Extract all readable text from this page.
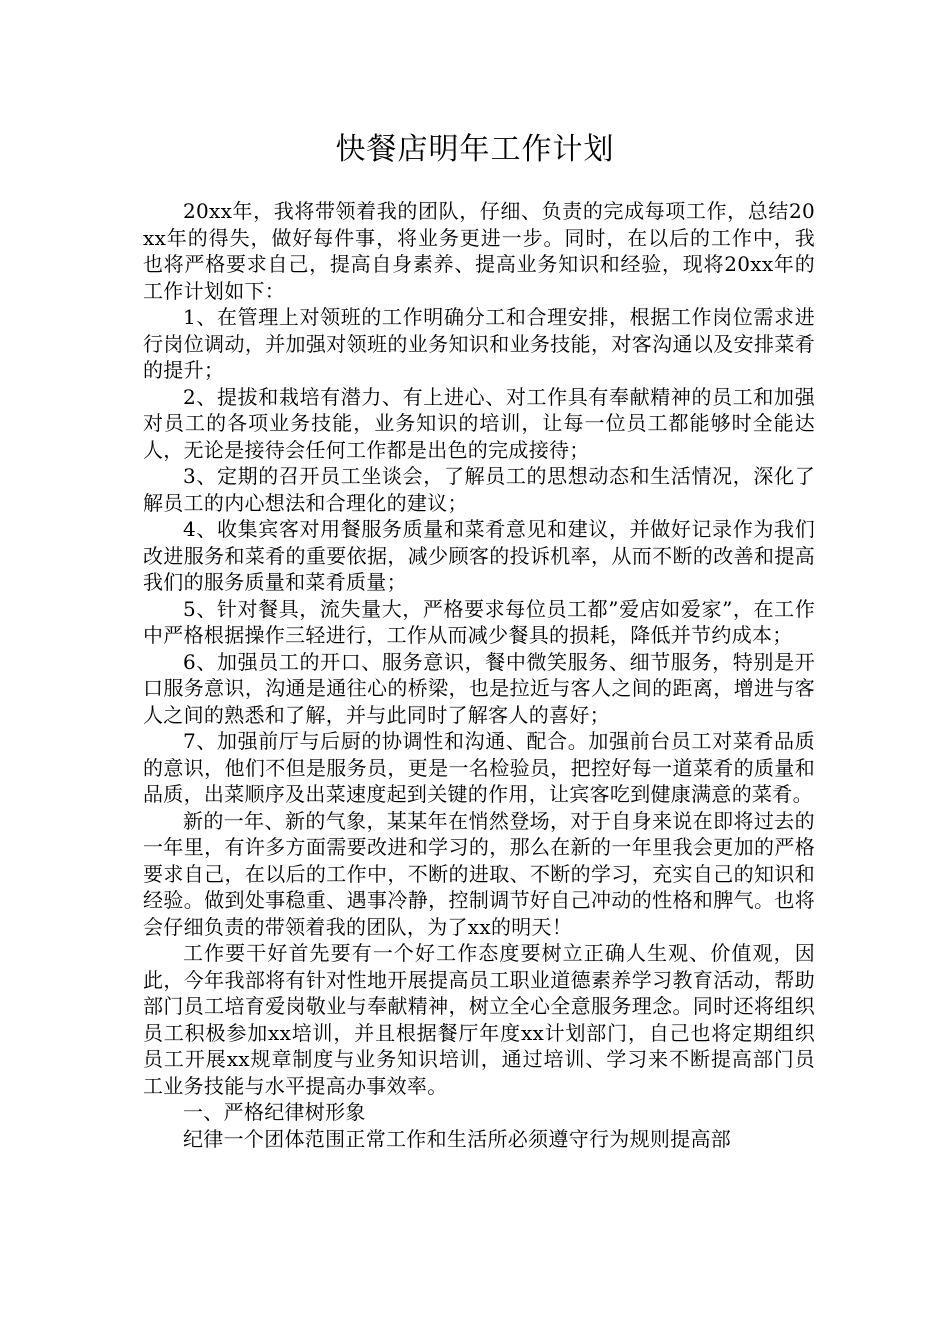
快餐店明年工作计划

20xx年，我将带领着我的团队，仔细、负责的完成每项工作，总结20xx年的得失，做好每件事，将业务更进一步。同时，在以后的工作中，我也将严格要求自己，提高自身素养、提高业务知识和经验，现将20xx年的工作计划如下：

1、在管理上对领班的工作明确分工和合理安排，根据工作岗位需求进行岗位调动，并加强对领班的业务知识和业务技能，对客沟通以及安排菜肴的提升；

2、提拔和栽培有潜力、有上进心、对工作具有奉献精神的员工和加强对员工的各项业务技能，业务知识的培训，让每一位员工都能够时全能达人，无论是接待会任何工作都是出色的完成接待；

3、定期的召开员工坐谈会，了解员工的思想动态和生活情况，深化了解员工的内心想法和合理化的建议；

4、收集宾客对用餐服务质量和菜肴意见和建议，并做好记录作为我们改进服务和菜肴的重要依据，减少顾客的投诉机率，从而不断的改善和提高我们的服务质量和菜肴质量；

5、针对餐具，流失量大，严格要求每位员工都”爱店如爱家”，在工作中严格根据操作三轻进行，工作从而减少餐具的损耗，降低并节约成本；

6、加强员工的开口、服务意识，餐中微笑服务、细节服务，特别是开口服务意识，沟通是通往心的桥梁，也是拉近与客人之间的距离，增进与客人之间的熟悉和了解，并与此同时了解客人的喜好；

7、加强前厅与后厨的协调性和沟通、配合。加强前台员工对菜肴品质的意识，他们不但是服务员，更是一名检验员，把控好每一道菜肴的质量和品质，出菜顺序及出菜速度起到关键的作用，让宾客吃到健康满意的菜肴。

新的一年、新的气象，某某年在悄然登场，对于自身来说在即将过去的一年里，有许多方面需要改进和学习的，那么在新的一年里我会更加的严格要求自己，在以后的工作中，不断的进取、不断的学习，充实自己的知识和经验。做到处事稳重、遇事冷静，控制调节好自己冲动的性格和脾气。也将会仔细负责的带领着我的团队，为了xx的明天！

工作要干好首先要有一个好工作态度要树立正确人生观、价值观，因此，今年我部将有针对性地开展提高员工职业道德素养学习教育活动，帮助部门员工培育爱岗敬业与奉献精神，树立全心全意服务理念。同时还将组织员工积极参加xx培训，并且根据餐厅年度xx计划部门，自己也将定期组织员工开展xx规章制度与业务知识培训，通过培训、学习来不断提高部门员工业务技能与水平提高办事效率。

一、严格纪律树形象

纪律一个团体范围正常工作和生活所必须遵守行为规则提高部
